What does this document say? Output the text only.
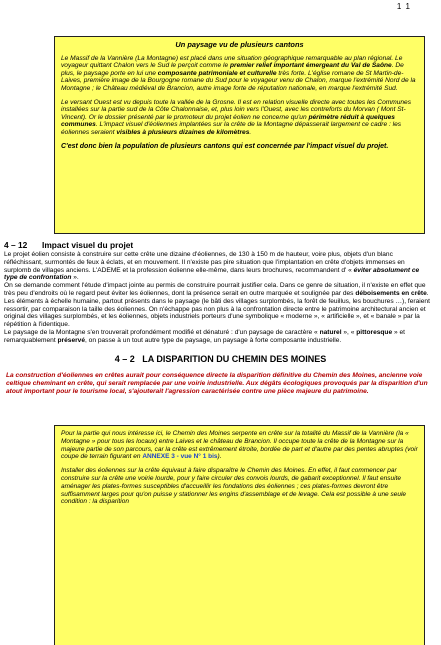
1 1

Un paysage vu de plusieurs cantons

Le Massif de la Vannière (La Montagne) est placé dans une situation géographique remarquable au plan régional. Le voyageur quittant Chalon vers le Sud le perçoit comme le premier relief important émergeant du Val de Saône. De plus, le paysage porte en lui une composante patrimoniale et culturelle très forte. L'église romane de St Martin-de-Laives, première image de la Bourgogne romane du Sud pour le voyageur venu de Chalon, marque l'extrémité Nord de la Montagne ; le Château médiéval de Brancion, autre image forte de réputation nationale, en marque l'extrémité Sud.

Le versant Ouest est vu depuis toute la vallée de la Grosne. Il est en relation visuelle directe avec toutes les Communes installées sur la partie sud de la Côte Chalonnaise, et, plus loin vers l'Ouest, avec les contreforts du Morvan ( Mont St-Vincent). Or le dossier présenté par le promoteur du projet éolien ne concerne qu'un périmètre réduit à quelques communes. L'impact visuel d'éoliennes implantées sur la crête de la Montagne dépasserait largement ce cadre : les éoliennes seraient visibles à plusieurs dizaines de kilomètres.

C'est donc bien la population de plusieurs cantons qui est concernée par l'impact visuel du projet.

4 – 12 Impact visuel du projet

Le projet éolien consiste à construire sur cette crête une dizaine d'éoliennes, de 130 à 150 m de hauteur, voire plus, objets d'un blanc réfléchissant, surmontés de feux à éclats, et en mouvement. Il n'existe pas pire situation que l'implantation en crête d'objets immenses en surplomb de villages anciens. L'ADEME et la profession éolienne elle-même, dans leurs brochures, recommandent d' « éviter absolument ce type de confrontation ».

On se demande comment l'étude d'impact jointe au permis de construire pourrait justifier cela. Dans ce genre de situation, il n'existe en effet que très peu d'endroits où le regard peut éviter les éoliennes, dont la présence serait en outre marquée et soulignée par des déboisements en crête. Les éléments à échelle humaine, partout présents dans le paysage (le bâti des villages surplombés, la forêt de feuillus, les bouchures …), feraient ressortir, par comparaison la taille des éoliennes. On n'échappe pas non plus à la confrontation directe entre le patrimoine architectural ancien et original des villages surplombés, et les éoliennes, objets industriels porteurs d'une symbolique « moderne », « artificielle », et « banale » par la répétition à l'identique.

Le paysage de la Montagne s'en trouverait profondément modifié et dénaturé : d'un paysage de caractère « naturel », « pittoresque » et remarquablement préservé, on passe à un tout autre type de paysage, un paysage à forte composante industrielle.

4 – 2 LA DISPARITION DU CHEMIN DES MOINES
La construction d'éoliennes en crêtes aurait pour conséquence directe la disparition définitive du Chemin des Moines, ancienne voie celtique cheminant en crête, qui serait remplacée par une voirie industrielle. Aux dégâts écologiques provoqués par la disparition d'un atout important pour le tourisme local, s'ajouterait l'agression caractérisée contre une pièce majeure du patrimoine.

Pour la partie qui nous intéresse ici, le Chemin des Moines serpente en crête sur la totalité du Massif de la Vannière (la « Montagne » pour tous les locaux) entre Laives et le château de Brancion. Il occupe toute la crête de la Montagne sur la majeure partie de son parcours, car la crête est extrêmement étroite, bordée de part et d'autre par des pentes abruptes (voir coupe de terrain figurant en ANNEXE 3 - vue N° 1 bis).

Installer des éoliennes sur la crête équivaut à faire disparaître le Chemin des Moines. En effet, il faut commencer par construire sur la crête une voirie lourde, pour y faire circuler des convois lourds, de gabarit exceptionnel. Il faut ensuite aménager les plates-formes susceptibles d'accueillir les fondations des éoliennes ; ces plates-formes devront être suffisamment larges pour qu'on puisse y stationner les engins d'assemblage et de levage. Cela est possible à une seule condition : la disparition
